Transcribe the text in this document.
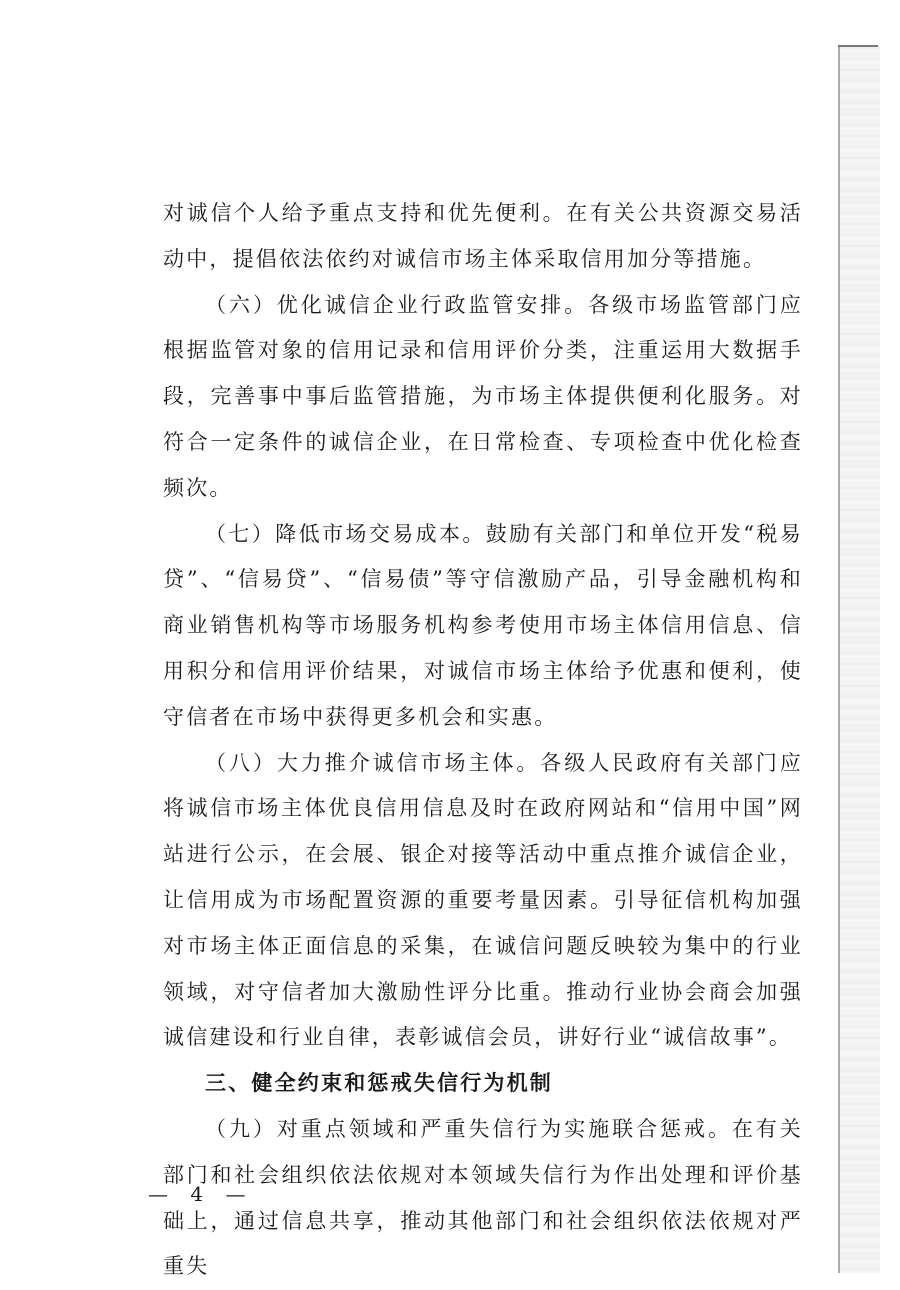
对诚信个人给予重点支持和优先便利。在有关公共资源交易活动中，提倡依法依约对诚信市场主体采取信用加分等措施。

（六）优化诚信企业行政监管安排。各级市场监管部门应根据监管对象的信用记录和信用评价分类，注重运用大数据手段，完善事中事后监管措施，为市场主体提供便利化服务。对符合一定条件的诚信企业，在日常检查、专项检查中优化检查频次。

（七）降低市场交易成本。鼓励有关部门和单位开发“税易贷”、“信易贷”、“信易债”等守信激励产品，引导金融机构和商业销售机构等市场服务机构参考使用市场主体信用信息、信用积分和信用评价结果，对诚信市场主体给予优惠和便利，使守信者在市场中获得更多机会和实惠。

（八）大力推介诚信市场主体。各级人民政府有关部门应将诚信市场主体优良信用信息及时在政府网站和“信用中国”网站进行公示，在会展、银企对接等活动中重点推介诚信企业，让信用成为市场配置资源的重要考量因素。引导征信机构加强对市场主体正面信息的采集，在诚信问题反映较为集中的行业领域，对守信者加大激励性评分比重。推动行业协会商会加强诚信建设和行业自律，表彰诚信会员，讲好行业“诚信故事”。

三、健全约束和惩戒失信行为机制

（九）对重点领域和严重失信行为实施联合惩戒。在有关部门和社会组织依法依规对本领域失信行为作出处理和评价基础上，通过信息共享，推动其他部门和社会组织依法依规对严重失

— 4 —
